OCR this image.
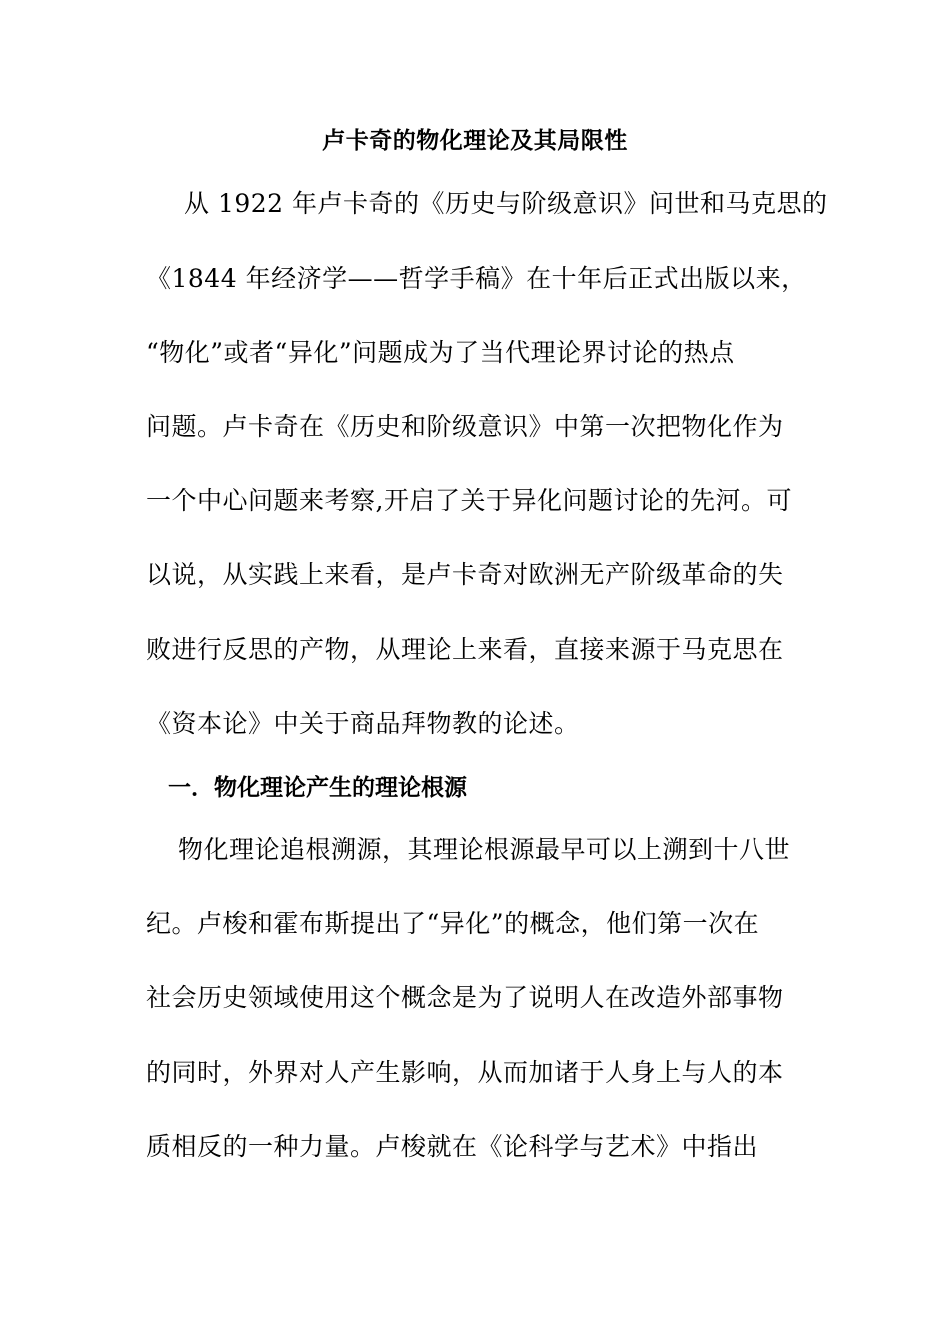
卢卡奇的物化理论及其局限性
从 1922 年卢卡奇的《历史与阶级意识》问世和马克思的
《1844 年经济学——哲学手稿》在十年后正式出版以来，
“物化”或者“异化”问题成为了当代理论界讨论的热点
问题。卢卡奇在《历史和阶级意识》中第一次把物化作为
一个中心问题来考察,开启了关于异化问题讨论的先河。可
以说，从实践上来看，是卢卡奇对欧洲无产阶级革命的失
败进行反思的产物，从理论上来看，直接来源于马克思在
《资本论》中关于商品拜物教的论述。
一．物化理论产生的理论根源
物化理论追根溯源，其理论根源最早可以上溯到十八世
纪。卢梭和霍布斯提出了“异化”的概念，他们第一次在
社会历史领域使用这个概念是为了说明人在改造外部事物
的同时，外界对人产生影响，从而加诸于人身上与人的本
质相反的一种力量。卢梭就在《论科学与艺术》中指出
